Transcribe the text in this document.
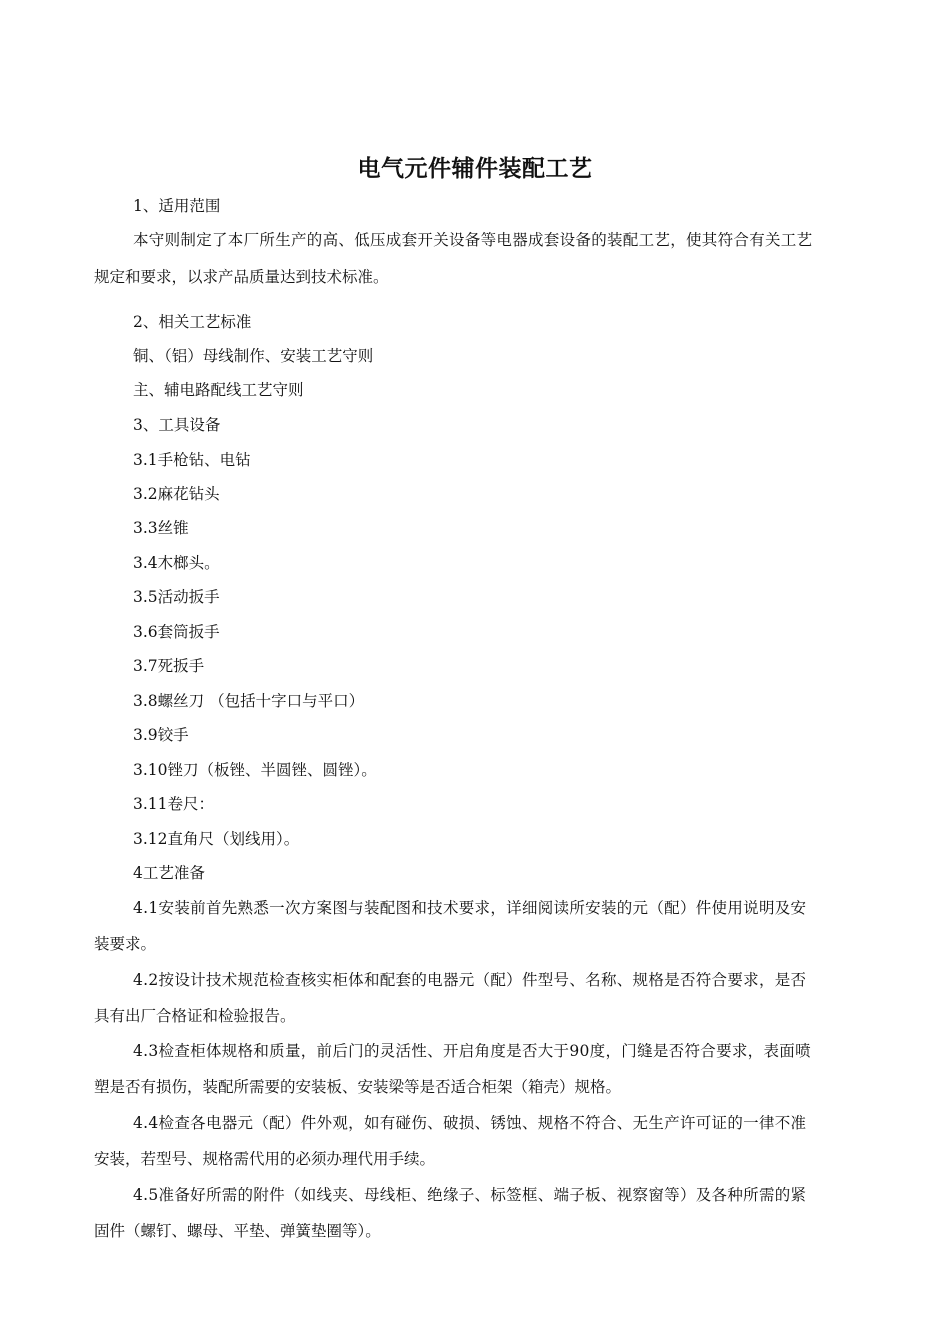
电气元件辅件装配工艺
1、适用范围
本守则制定了本厂所生产的高、低压成套开关设备等电器成套设备的装配工艺，使其符合有关工艺
规定和要求，以求产品质量达到技术标准。
2、相关工艺标准
铜、（铝）母线制作、安装工艺守则
主、辅电路配线工艺守则
3、工具设备
3.1手枪钻、电钻
3.2麻花钻头
3.3丝锥
3.4木榔头。
3.5活动扳手
3.6套筒扳手
3.7死扳手
3.8螺丝刀 （包括十字口与平口）
3.9铰手
3.10锉刀（板锉、半圆锉、圆锉）。
3.11卷尺：
3.12直角尺（划线用）。
4工艺准备
4.1安装前首先熟悉一次方案图与装配图和技术要求，详细阅读所安装的元（配）件使用说明及安
装要求。
4.2按设计技术规范检查核实柜体和配套的电器元（配）件型号、名称、规格是否符合要求，是否
具有出厂合格证和检验报告。
4.3检查柜体规格和质量，前后门的灵活性、开启角度是否大于90度，门缝是否符合要求，表面喷
塑是否有损伤，装配所需要的安装板、安装梁等是否适合柜架（箱壳）规格。
4.4检查各电器元（配）件外观，如有碰伤、破损、锈蚀、规格不符合、无生产许可证的一律不准
安装，若型号、规格需代用的必须办理代用手续。
4.5准备好所需的附件（如线夹、母线柜、绝缘子、标签框、端子板、视察窗等）及各种所需的紧
固件（螺钉、螺母、平垫、弹簧垫圈等）。
